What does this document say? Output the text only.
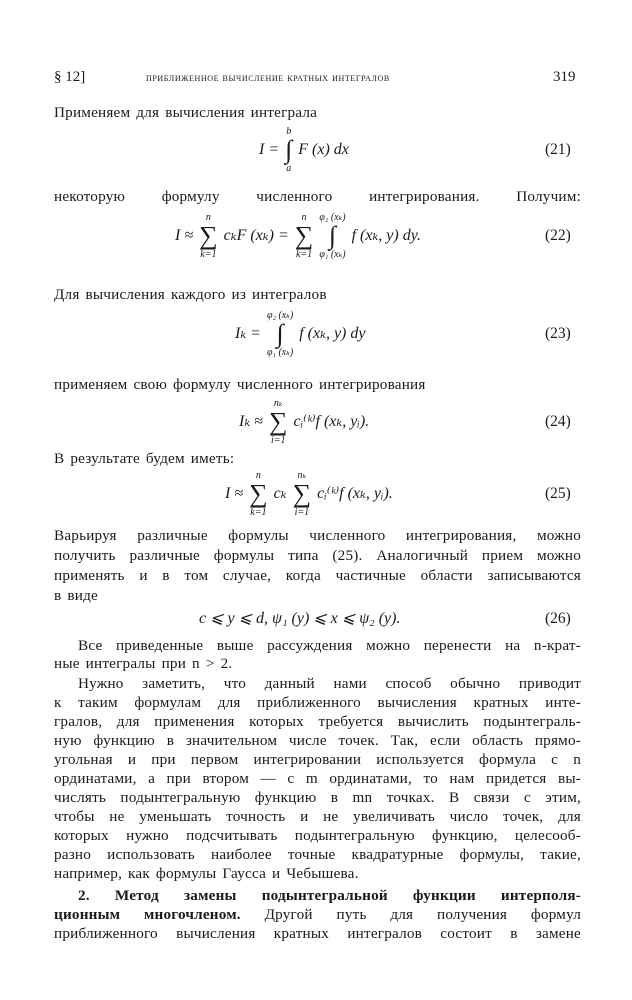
§ 12]	приближенное вычисление кратных интегралов	319
Применяем для вычисления интеграла
некоторую формулу численного интегрирования. Получим:
Для вычисления каждого из интегралов
применяем свою формулу численного интегрирования
В результате будем иметь:
Варьируя различные формулы численного интегрирования, можно
получить различные формулы типа (25). Аналогичный прием можно
применять и в том случае, когда частичные области записываются
в виде
Все приведенные выше рассуждения можно перенести на n-крат-
ные интегралы при n > 2.
Нужно заметить, что данный нами способ обычно приводит
к таким формулам для приближенного вычисления кратных инте-
гралов, для применения которых требуется вычислить подынтеграль-
ную функцию в значительном числе точек. Так, если область прямо-
угольная и при первом интегрировании используется формула с n
ординатами, а при втором — с m ординатами, то нам придется вы-
числять подынтегральную функцию в mn точках. В связи с этим,
чтобы не уменьшать точность и не увеличивать число точек, для
которых нужно подсчитывать подынтегральную функцию, целесооб-
разно использовать наиболее точные квадратурные формулы, такие,
например, как формулы Гаусса и Чебышева.
2. Метод замены подынтегральной функции интерполя-
ционным многочленом. Другой путь для получения формул
приближенного вычисления кратных интегралов состоит в замене
I =
b
∫
a
F (x) dx	(21)
I ≈
n
∑
k=1
cₖF (xₖ) =
n
∑
k=1
φ₂ (xₖ)
∫
φ₁ (xₖ)
f (xₖ, y) dy.	(22)
Iₖ =
φ₂ (xₖ)
∫
φ₁ (xₖ)
f (xₖ, y) dy	(23)
Iₖ ≈
nₖ
∑
i=1
cᵢ⁽ᵏ⁾f (xₖ, yᵢ).	(24)
I ≈
n
∑
k=1
cₖ
nₖ
∑
i=1
cᵢ⁽ᵏ⁾f (xₖ, yᵢ).	(25)
c ⩽ y ⩽ d, ψ₁ (y) ⩽ x ⩽ ψ₂ (y).	(26)
